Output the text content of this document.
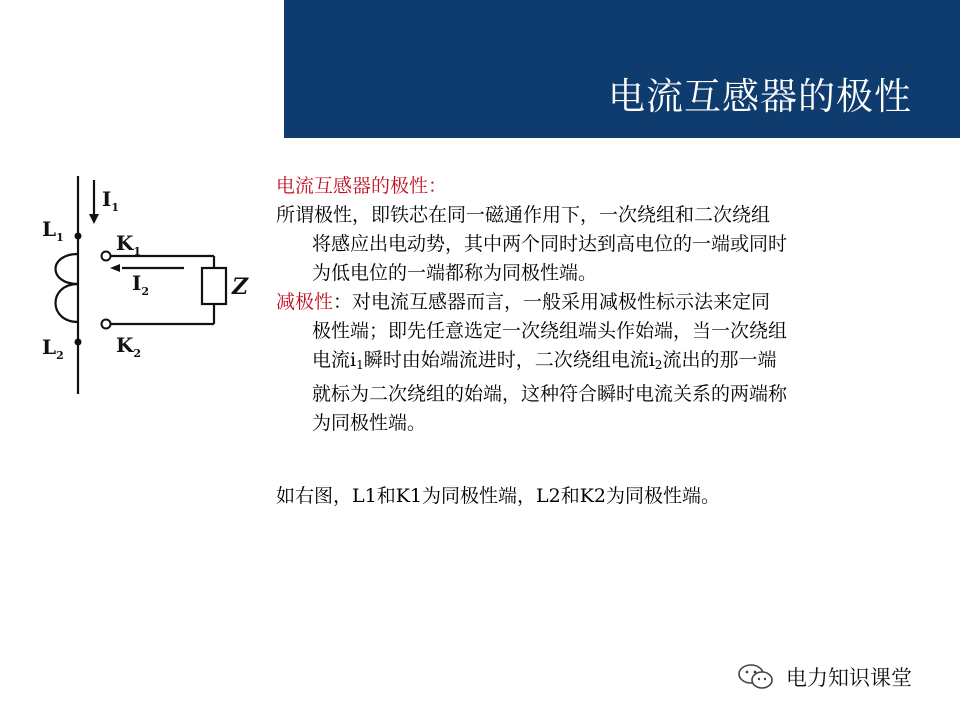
电流互感器的极性
$I_1$
$L_1$	$K_1$
$I_2$
$L_2$	$K_2$
Z

电流互感器的极性：

所谓极性，即铁芯在同一磁通作用下，一次绕组和二次绕组
将感应出电动势，其中两个同时达到高电位的一端或同时
为低电位的一端都称为同极性端。

减极性：对电流互感器而言，一般采用减极性标示法来定同
极性端；即先任意选定一次绕组端头作始端，当一次绕组
电流$i_1$瞬时由始端流进时，二次绕组电流$i_2$流出的那一端
就标为二次绕组的始端，这种符合瞬时电流关系的两端称
为同极性端。

如右图，L1和K1为同极性端，L2和K2为同极性端。

电力知识课堂
